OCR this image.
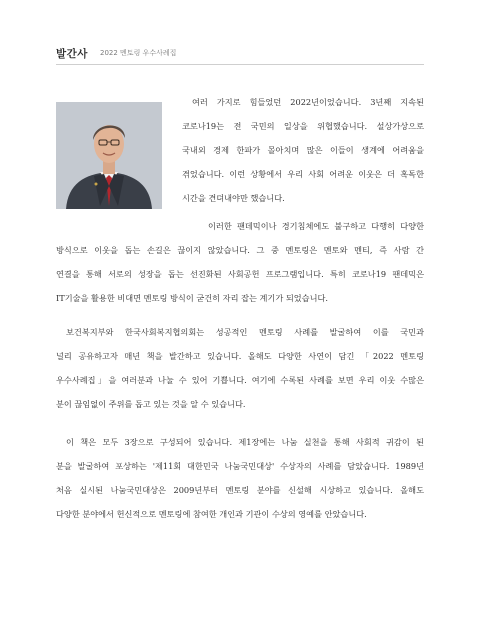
발간사 2022 멘토링 우수사례집

여러 가지로 힘들었던 2022년이었습니다. 3년째 지속된

코로나19는 전 국민의 일상을 위협했습니다. 설상가상으로

국내외 경제 한파가 몰아치며 많은 이들이 생계에 어려움을

겪었습니다. 이런 상황에서 우리 사회 어려운 이웃은 더 혹독한

시간을 견뎌내야만 했습니다.

이러한 팬데믹이나 경기침체에도 불구하고 다행히 다양한

방식으로 이웃을 돕는 손길은 끊이지 않았습니다. 그 중 멘토링은 멘토와 멘티, 즉 사람 간

연결을 통해 서로의 성장을 돕는 선진화된 사회공헌 프로그램입니다. 특히 코로나19 팬데믹은

IT기술을 활용한 비대면 멘토링 방식이 굳건히 자리 잡는 계기가 되었습니다.

보건복지부와 한국사회복지협의회는 성공적인 멘토링 사례를 발굴하여 이를 국민과

널리 공유하고자 매년 책을 발간하고 있습니다. 올해도 다양한 사연이 담긴 「2022 멘토링

우수사례집」을 여러분과 나눌 수 있어 기쁩니다. 여기에 수록된 사례를 보면 우리 이웃 수많은

분이 끊임없이 주위를 돕고 있는 것을 알 수 있습니다.

이 책은 모두 3장으로 구성되어 있습니다. 제1장에는 나눔 실천을 통해 사회적 귀감이 된

분을 발굴하여 포상하는 '제11회 대한민국 나눔국민대상' 수상자의 사례를 담았습니다. 1989년

처음 실시된 나눔국민대상은 2009년부터 멘토링 분야를 신설해 시상하고 있습니다. 올해도

다양한 분야에서 헌신적으로 멘토링에 참여한 개인과 기관이 수상의 영예를 안았습니다.
